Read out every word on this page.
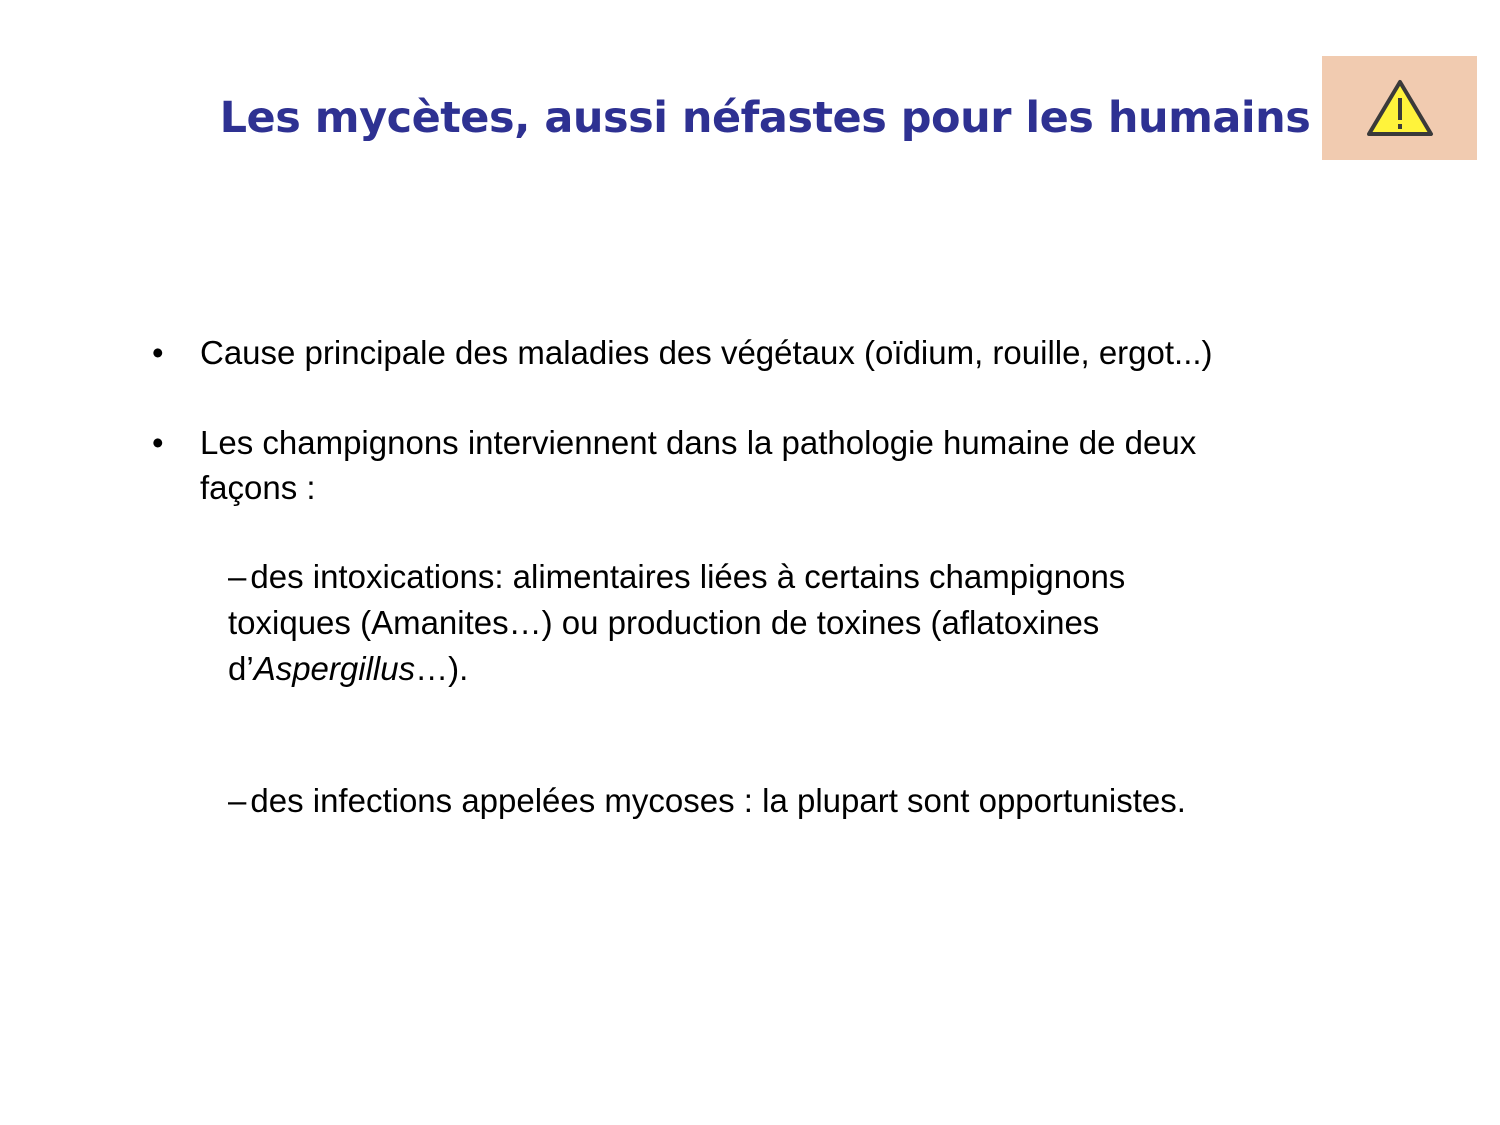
Les mycètes, aussi néfastes pour les humains
• Cause principale des maladies des végétaux (oïdium, rouille, ergot...)
• Les champignons interviennent dans la pathologie humaine de deux
façons :
– des intoxications: alimentaires liées à certains champignons
toxiques (Amanites…) ou production de toxines (aflatoxines
d’Aspergillus…).
– des infections appelées mycoses : la plupart sont opportunistes.
